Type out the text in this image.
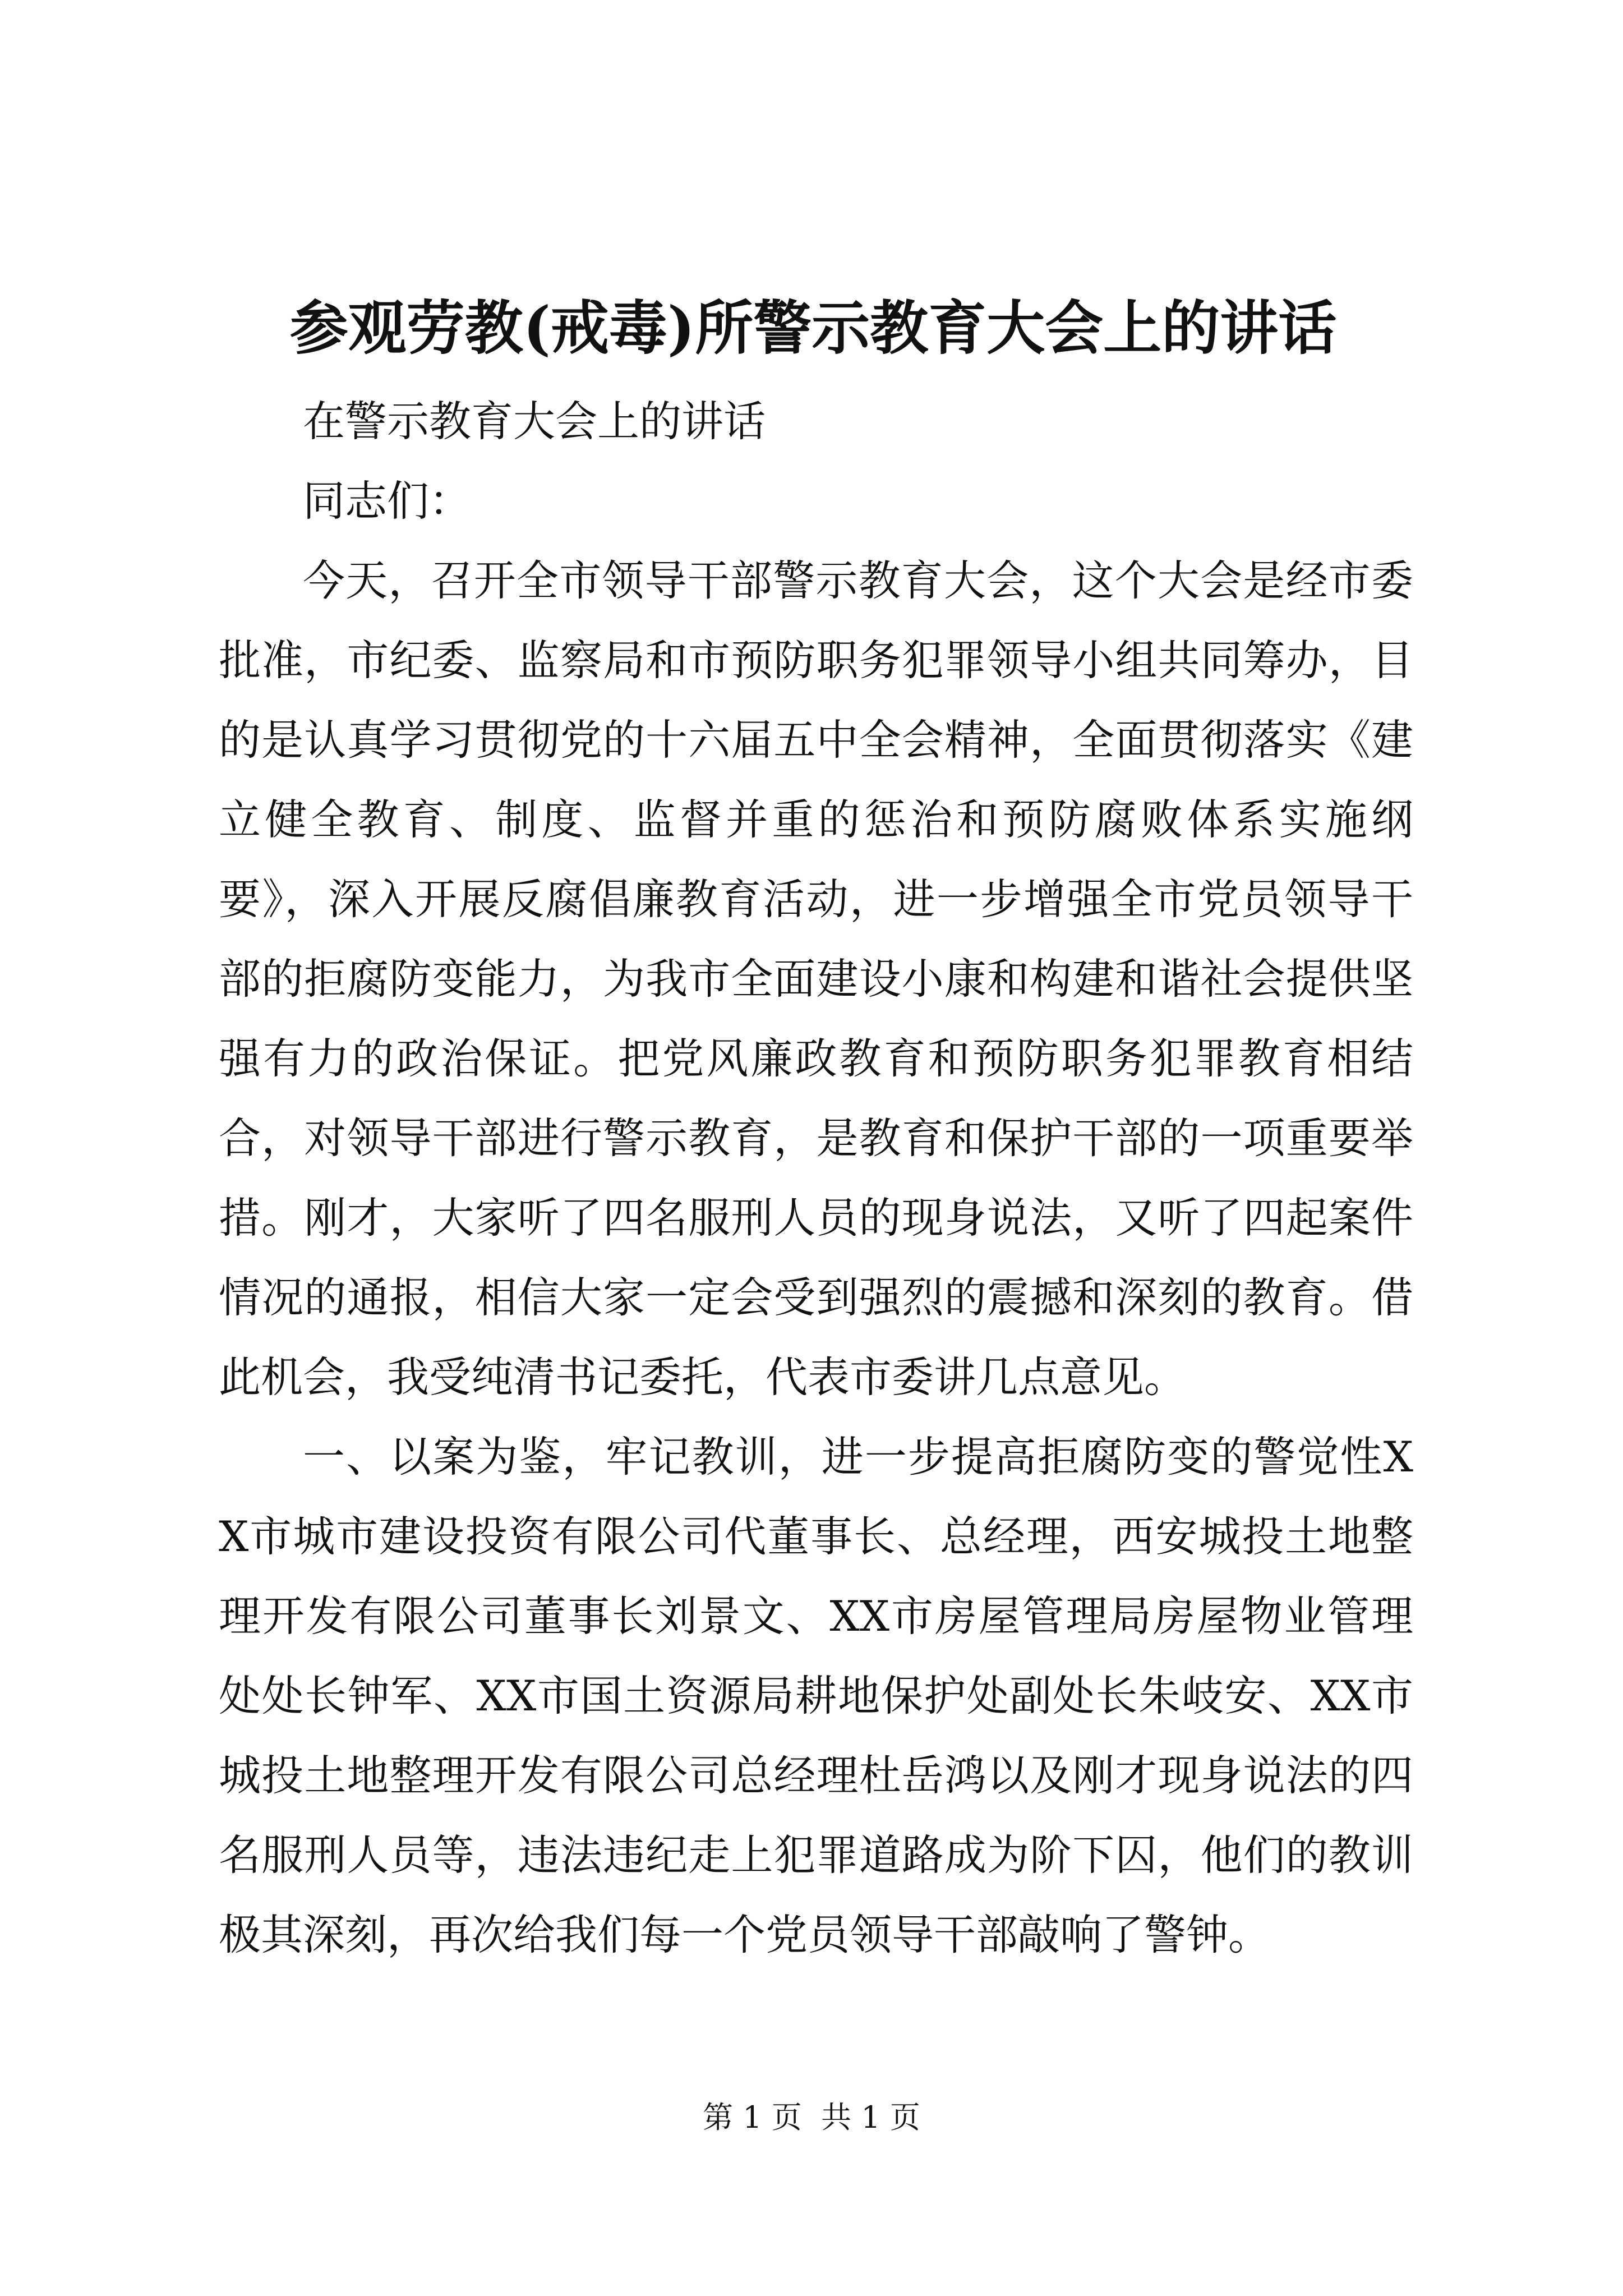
参观劳教(戒毒)所警示教育大会上的讲话

在警示教育大会上的讲话

同志们：

今天，召开全市领导干部警示教育大会，这个大会是经市委批准，市纪委、监察局和市预防职务犯罪领导小组共同筹办，目的是认真学习贯彻党的十六届五中全会精神，全面贯彻落实《建立健全教育、制度、监督并重的惩治和预防腐败体系实施纲要》，深入开展反腐倡廉教育活动，进一步增强全市党员领导干部的拒腐防变能力，为我市全面建设小康和构建和谐社会提供坚强有力的政治保证。把党风廉政教育和预防职务犯罪教育相结合，对领导干部进行警示教育，是教育和保护干部的一项重要举措。刚才，大家听了四名服刑人员的现身说法，又听了四起案件情况的通报，相信大家一定会受到强烈的震撼和深刻的教育。借此机会，我受纯清书记委托，代表市委讲几点意见。

一、以案为鉴，牢记教训，进一步提高拒腐防变的警觉性XX市城市建设投资有限公司代董事长、总经理，西安城投土地整理开发有限公司董事长刘景文、XX市房屋管理局房屋物业管理处处长钟军、XX市国土资源局耕地保护处副处长朱岐安、XX市城投土地整理开发有限公司总经理杜岳鸿以及刚才现身说法的四名服刑人员等，违法违纪走上犯罪道路成为阶下囚，他们的教训极其深刻，再次给我们每一个党员领导干部敲响了警钟。

第 1 页  共 1 页
